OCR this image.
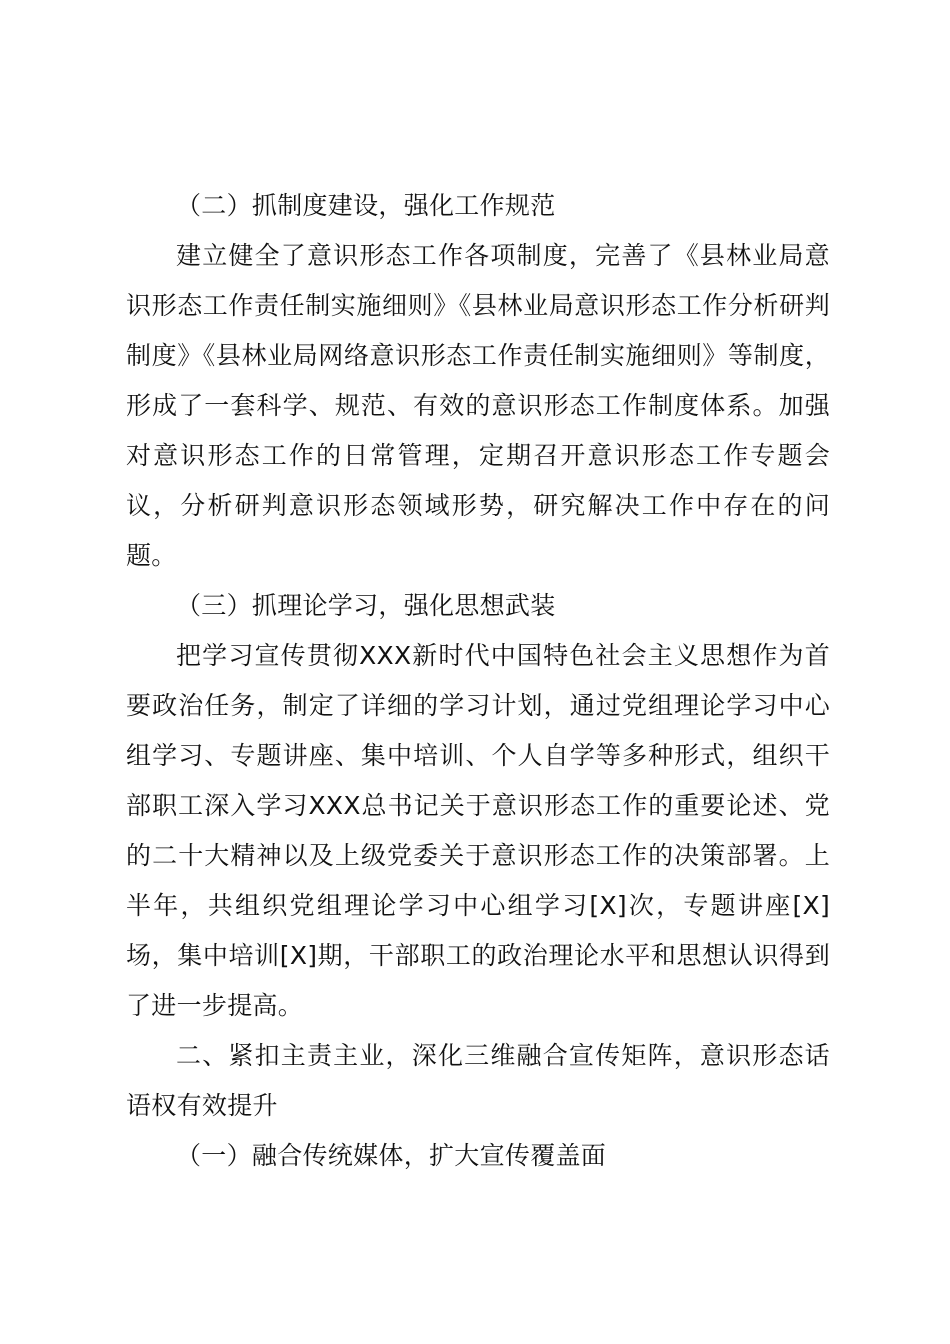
（二）抓制度建设，强化工作规范

建立健全了意识形态工作各项制度，完善了《县林业局意识形态工作责任制实施细则》《县林业局意识形态工作分析研判制度》《县林业局网络意识形态工作责任制实施细则》等制度，形成了一套科学、规范、有效的意识形态工作制度体系。加强对意识形态工作的日常管理，定期召开意识形态工作专题会议，分析研判意识形态领域形势，研究解决工作中存在的问题。

（三）抓理论学习，强化思想武装

把学习宣传贯彻XXX新时代中国特色社会主义思想作为首要政治任务，制定了详细的学习计划，通过党组理论学习中心组学习、专题讲座、集中培训、个人自学等多种形式，组织干部职工深入学习XXX总书记关于意识形态工作的重要论述、党的二十大精神以及上级党委关于意识形态工作的决策部署。上半年，共组织党组理论学习中心组学习[X]次，专题讲座[X]场，集中培训[X]期，干部职工的政治理论水平和思想认识得到了进一步提高。

二、紧扣主责主业，深化三维融合宣传矩阵，意识形态话语权有效提升

（一）融合传统媒体，扩大宣传覆盖面
